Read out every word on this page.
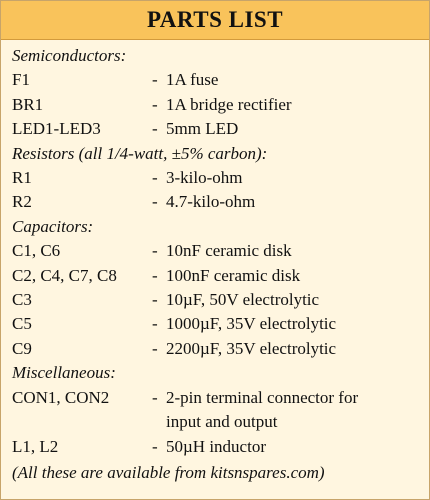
PARTS LIST
Semiconductors:
F1	- 1A fuse
BR1	- 1A bridge rectifier
LED1-LED3	- 5mm LED
Resistors (all 1/4-watt, ±5% carbon):
R1	- 3-kilo-ohm
R2	- 4.7-kilo-ohm
Capacitors:
C1, C6	- 10nF ceramic disk
C2, C4, C7, C8	- 100nF ceramic disk
C3	- 10µF, 50V electrolytic
C5	- 1000µF, 35V electrolytic
C9	- 2200µF, 35V electrolytic
Miscellaneous:
CON1, CON2	- 2-pin terminal connector for
input and output
L1, L2	- 50µH inductor
(All these are available from kitsnspares.com)
